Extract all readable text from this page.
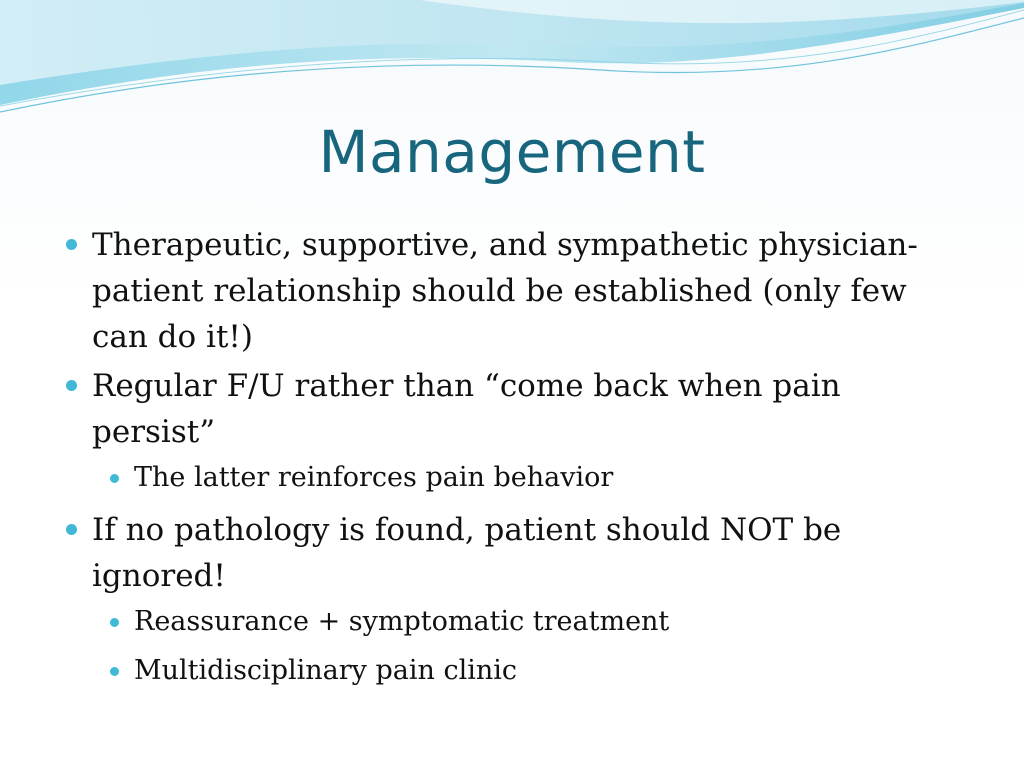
Management
Therapeutic, supportive, and sympathetic physician-patient relationship should be established (only few can do it!)
Regular F/U rather than “come back when pain persist”
The latter reinforces pain behavior
If no pathology is found, patient should NOT be ignored!
Reassurance + symptomatic treatment
Multidisciplinary pain clinic
